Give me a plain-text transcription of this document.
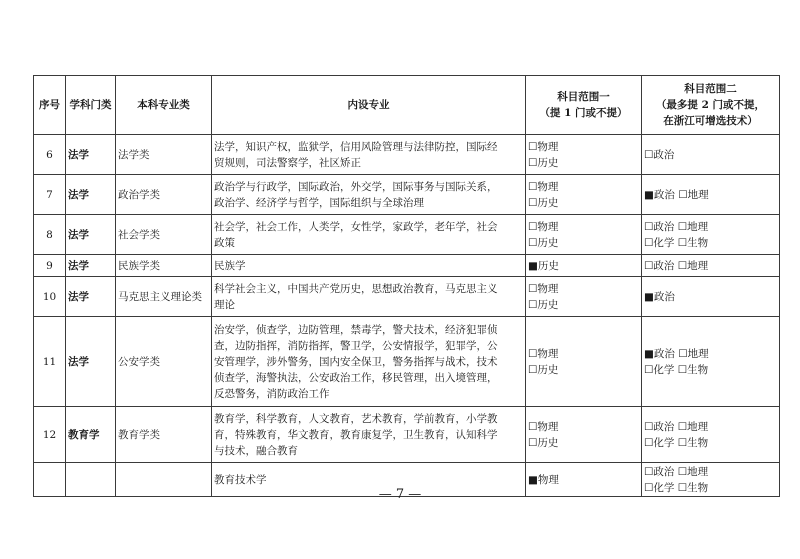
序号	学科门类	本科专业类	内设专业	科目范围一
（提 1 门或不提）	科目范围二
（最多提 2 门或不提，
在浙江可增选技术）

6	法学	法学类	法学，知识产权，监狱学，信用风险管理与法律防控，国际经
贸规则，司法警察学，社区矫正	☐物理
☐历史	☐政治

7	法学	政治学类	政治学与行政学，国际政治，外交学，国际事务与国际关系，
政治学、经济学与哲学，国际组织与全球治理	☐物理
☐历史	■政治 ☐地理

8	法学	社会学类	社会学，社会工作，人类学，女性学，家政学，老年学，社会
政策	☐物理
☐历史	☐政治 ☐地理
☐化学 ☐生物

9	法学	民族学类	民族学	■历史	☐政治 ☐地理

10	法学	马克思主义理论类	科学社会主义，中国共产党历史，思想政治教育，马克思主义
理论	☐物理
☐历史	■政治

11	法学	公安学类	治安学，侦查学，边防管理，禁毒学，警犬技术，经济犯罪侦
查，边防指挥，消防指挥，警卫学，公安情报学，犯罪学，公
安管理学，涉外警务，国内安全保卫，警务指挥与战术，技术
侦查学，海警执法，公安政治工作，移民管理，出入境管理，
反恐警务，消防政治工作	☐物理
☐历史	■政治 ☐地理
☐化学 ☐生物

12	教育学	教育学类	教育学，科学教育，人文教育，艺术教育，学前教育，小学教
育，特殊教育，华文教育，教育康复学，卫生教育，认知科学
与技术，融合教育	☐物理
☐历史	☐政治 ☐地理
☐化学 ☐生物

			教育技术学	■物理	☐政治 ☐地理
☐化学 ☐生物
— 7 —
